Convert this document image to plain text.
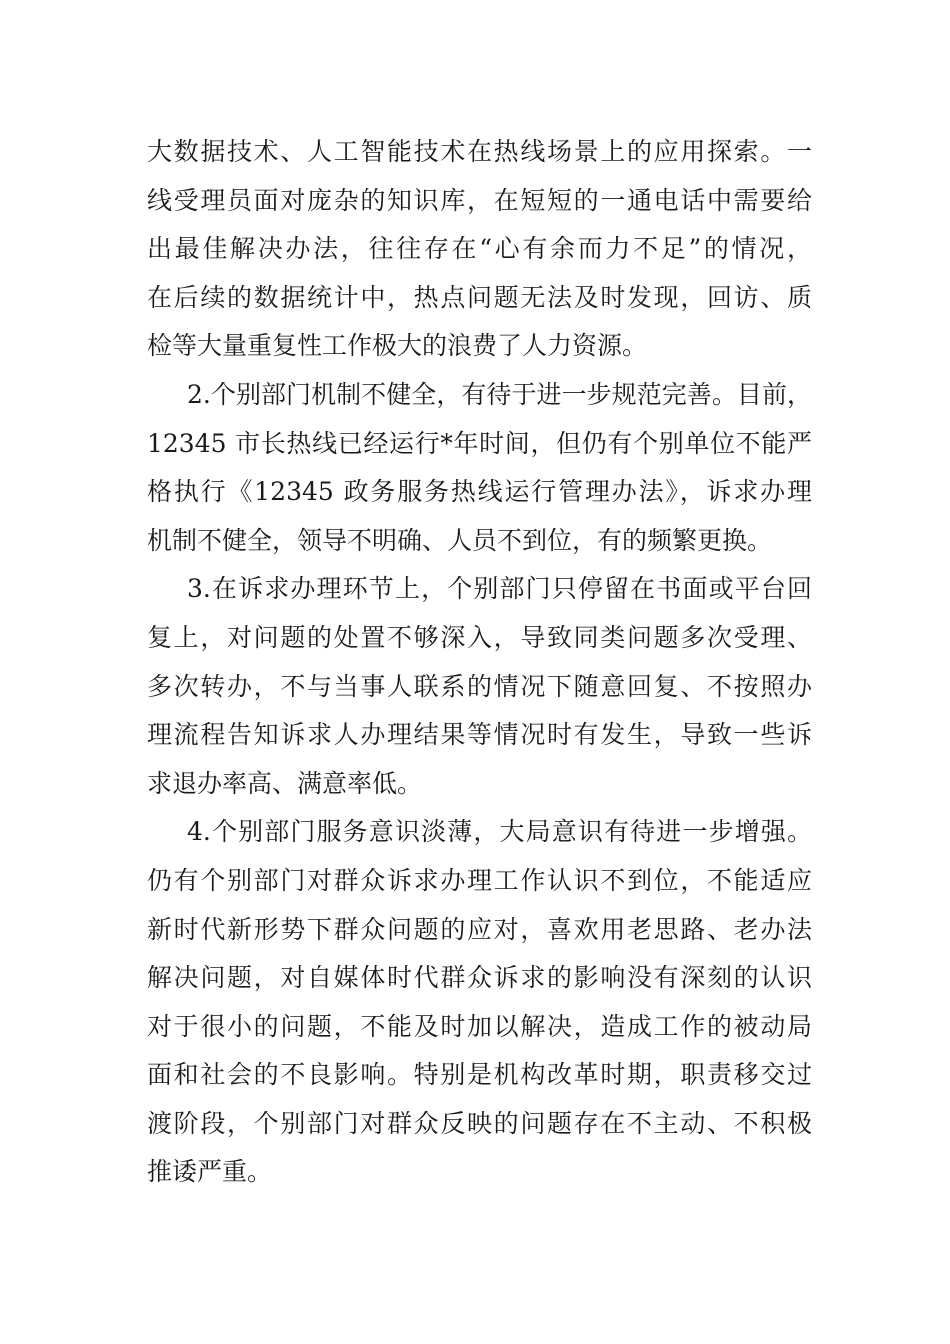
大数据技术、人工智能技术在热线场景上的应用探索。一
线受理员面对庞杂的知识库，在短短的一通电话中需要给
出最佳解决办法，往往存在“心有余而力不足”的情况，
在后续的数据统计中，热点问题无法及时发现，回访、质
检等大量重复性工作极大的浪费了人力资源。
2.个别部门机制不健全，有待于进一步规范完善。目前，
12345 市长热线已经运行*年时间，但仍有个别单位不能严
格执行《12345 政务服务热线运行管理办法》，诉求办理
机制不健全，领导不明确、人员不到位，有的频繁更换。
3.在诉求办理环节上，个别部门只停留在书面或平台回
复上，对问题的处置不够深入，导致同类问题多次受理、
多次转办，不与当事人联系的情况下随意回复、不按照办
理流程告知诉求人办理结果等情况时有发生，导致一些诉
求退办率高、满意率低。
4.个别部门服务意识淡薄，大局意识有待进一步增强。
仍有个别部门对群众诉求办理工作认识不到位，不能适应
新时代新形势下群众问题的应对，喜欢用老思路、老办法
解决问题，对自媒体时代群众诉求的影响没有深刻的认识
对于很小的问题，不能及时加以解决，造成工作的被动局
面和社会的不良影响。特别是机构改革时期，职责移交过
渡阶段，个别部门对群众反映的问题存在不主动、不积极
推诿严重。
